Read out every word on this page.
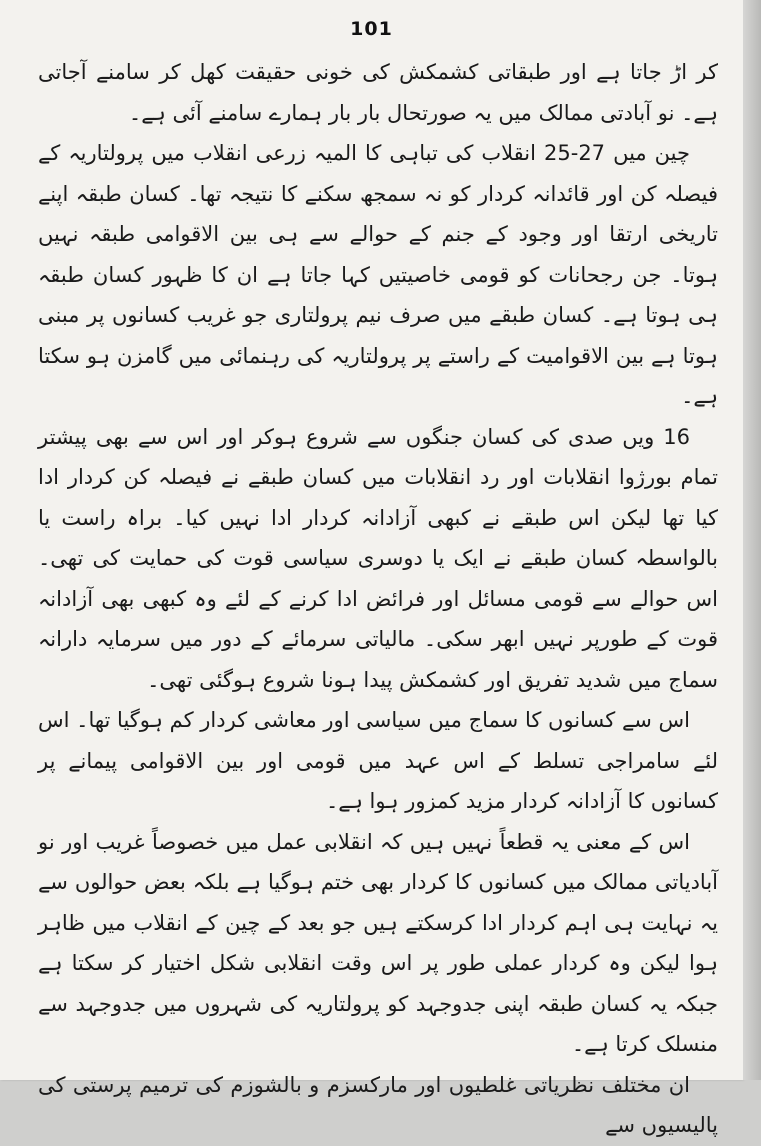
101

کر اڑ جاتا ہے اور طبقاتی کشمکش کی خونی حقیقت کھل کر سامنے آجاتی ہے۔ نو آبادتی ممالک میں یہ صورتحال بار بار ہمارے سامنے آئی ہے۔

چین میں 27-25 انقلاب کی تباہی کا المیہ زرعی انقلاب میں پرولتاریہ کے فیصلہ کن اور قائدانہ کردار کو نہ سمجھ سکنے کا نتیجہ تھا۔ کسان طبقہ اپنے تاریخی ارتقا اور وجود کے جنم کے حوالے سے ہی بین الاقوامی طبقہ نہیں ہوتا۔ جن رجحانات کو قومی خاصیتیں کہا جاتا ہے ان کا ظہور کسان طبقہ ہی ہوتا ہے۔ کسان طبقے میں صرف نیم پرولتاری جو غریب کسانوں پر مبنی ہوتا ہے بین الاقوامیت کے راستے پر پرولتاریہ کی رہنمائی میں گامزن ہو سکتا ہے۔

16 ویں صدی کی کسان جنگوں سے شروع ہوکر اور اس سے بھی پیشتر تمام بورژوا انقلابات اور رد انقلابات میں کسان طبقے نے فیصلہ کن کردار ادا کیا تھا لیکن اس طبقے نے کبھی آزادانہ کردار ادا نہیں کیا۔ براہ راست یا بالواسطہ کسان طبقے نے ایک یا دوسری سیاسی قوت کی حمایت کی تھی۔ اس حوالے سے قومی مسائل اور فرائض ادا کرنے کے لئے وہ کبھی بھی آزادانہ قوت کے طورپر نہیں ابھر سکی۔ مالیاتی سرمائے کے دور میں سرمایہ دارانہ سماج میں شدید تفریق اور کشمکش پیدا ہونا شروع ہوگئی تھی۔

اس سے کسانوں کا سماج میں سیاسی اور معاشی کردار کم ہوگیا تھا۔ اس لئے سامراجی تسلط کے اس عہد میں قومی اور بین الاقوامی پیمانے پر کسانوں کا آزادانہ کردار مزید کمزور ہوا ہے۔

اس کے معنی یہ قطعاً نہیں ہیں کہ انقلابی عمل میں خصوصاً غریب اور نو آبادیاتی ممالک میں کسانوں کا کردار بھی ختم ہوگیا ہے بلکہ بعض حوالوں سے یہ نہایت ہی اہم کردار ادا کرسکتے ہیں جو بعد کے چین کے انقلاب میں ظاہر ہوا لیکن وہ کردار عملی طور پر اس وقت انقلابی شکل اختیار کر سکتا ہے جبکہ یہ کسان طبقہ اپنی جدوجہد کو پرولتاریہ کی شہروں میں جدوجہد سے منسلک کرتا ہے۔

ان مختلف نظریاتی غلطیوں اور مارکسزم و بالشوزم کی ترمیم پرستی کی پالیسیوں سے
